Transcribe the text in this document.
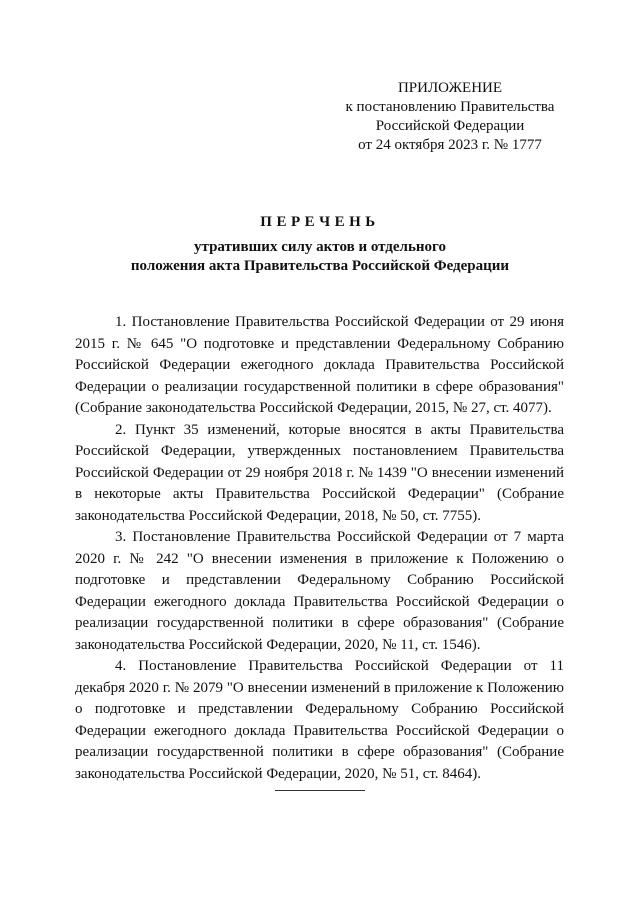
ПРИЛОЖЕНИЕ
к постановлению Правительства
Российской Федерации
от 24 октября 2023 г. № 1777
ПЕРЕЧЕНЬ
утративших силу актов и отдельного
положения акта Правительства Российской Федерации

1. Постановление Правительства Российской Федерации от 29 июня 2015 г. № 645 "О подготовке и представлении Федеральному Собранию Российской Федерации ежегодного доклада Правительства Российской Федерации о реализации государственной политики в сфере образования" (Собрание законодательства Российской Федерации, 2015, № 27, ст. 4077).

2. Пункт 35 изменений, которые вносятся в акты Правительства Российской Федерации, утвержденных постановлением Правительства Российской Федерации от 29 ноября 2018 г. № 1439 "О внесении изменений в некоторые акты Правительства Российской Федерации" (Собрание законодательства Российской Федерации, 2018, № 50, ст. 7755).

3. Постановление Правительства Российской Федерации от 7 марта 2020 г. № 242 "О внесении изменения в приложение к Положению о подготовке и представлении Федеральному Собранию Российской Федерации ежегодного доклада Правительства Российской Федерации о реализации государственной политики в сфере образования" (Собрание законодательства Российской Федерации, 2020, № 11, ст. 1546).

4. Постановление Правительства Российской Федерации от 11 декабря 2020 г. № 2079 "О внесении изменений в приложение к Положению о подготовке и представлении Федеральному Собранию Российской Федерации ежегодного доклада Правительства Российской Федерации о реализации государственной политики в сфере образования" (Собрание законодательства Российской Федерации, 2020, № 51, ст. 8464).
